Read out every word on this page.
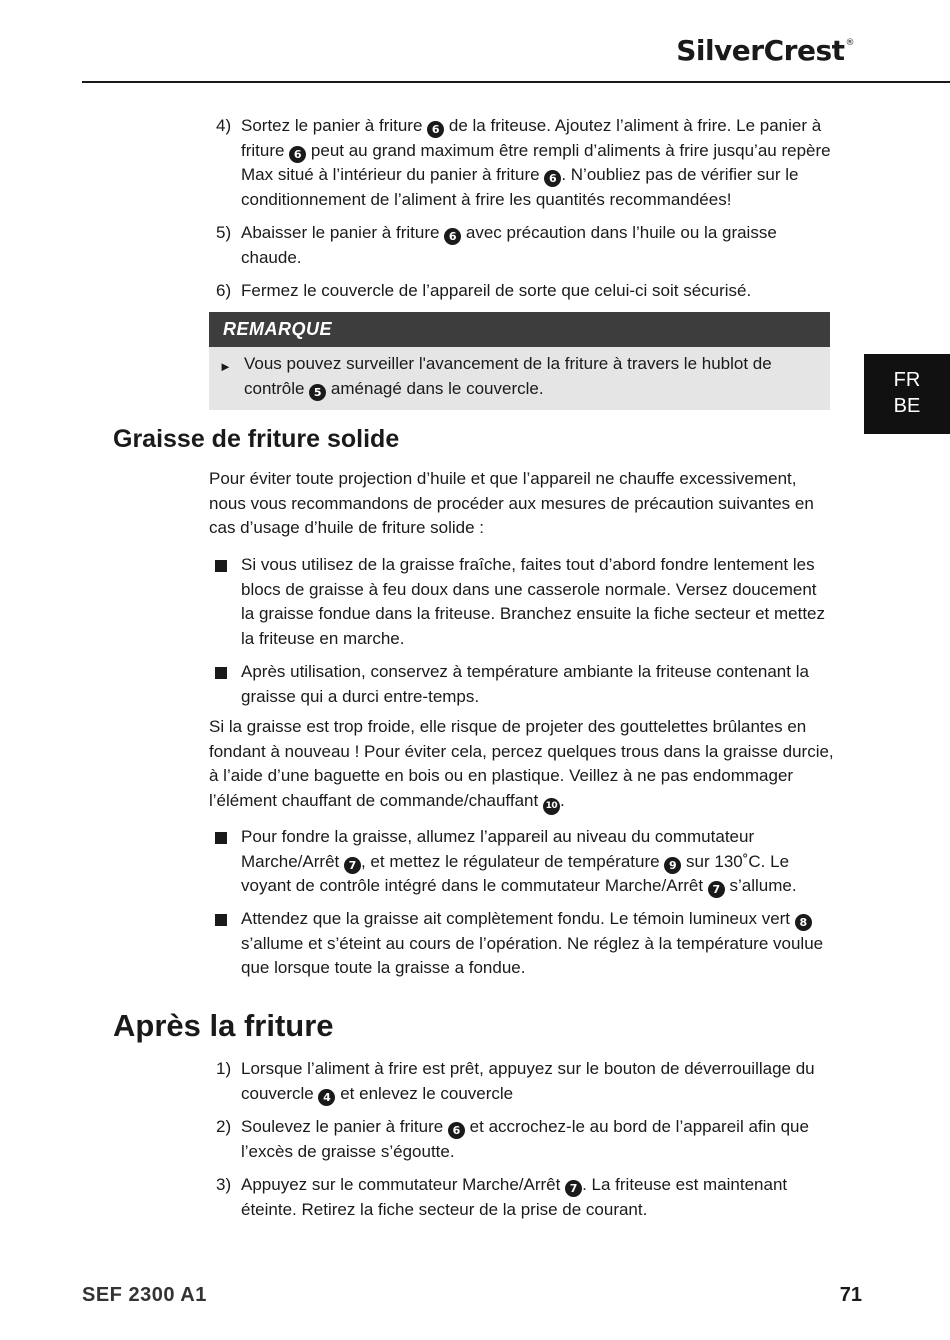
SilverCrest®
FR
BE
4) Sortez le panier à friture 6 de la friteuse. Ajoutez l’aliment à frire. Le panier à friture 6 peut au grand maximum être rempli d’aliments à frire jusqu’au repère Max situé à l’intérieur du panier à friture 6 . N’oubliez pas de vérifier sur le conditionnement de l’aliment à frire les quantités recommandées!
5) Abaisser le panier à friture 6 avec précaution dans l’huile ou la graisse chaude.
6) Fermez le couvercle de l’appareil de sorte que celui-ci soit sécurisé.
REMARQUE
► Vous pouvez surveiller l'avancement de la friture à travers le hublot de contrôle 5 aménagé dans le couvercle.
Graisse de friture solide
Pour éviter toute projection d’huile et que l’appareil ne chauffe excessivement, nous vous recommandons de procéder aux mesures de précaution suivantes en cas d’usage d’huile de friture solide :
Si vous utilisez de la graisse fraîche, faites tout d’abord fondre lentement les blocs de graisse à feu doux dans une casserole normale. Versez doucement la graisse fondue dans la friteuse. Branchez ensuite la fiche secteur et mettez la friteuse en marche.
Après utilisation, conservez à température ambiante la friteuse contenant la graisse qui a durci entre-temps.
Si la graisse est trop froide, elle risque de projeter des gouttelettes brûlantes en fondant à nouveau ! Pour éviter cela, percez quelques trous dans la graisse durcie, à l’aide d’une baguette en bois ou en plastique. Veillez à ne pas endommager l’élément chauffant de commande/chauffant 10 .
Pour fondre la graisse, allumez l’appareil au niveau du commutateur Marche/Arrêt 7 , et mettez le régulateur de température 9 sur 130˚C. Le voyant de contrôle intégré dans le commutateur Marche/Arrêt 7 s’allume.
Attendez que la graisse ait complètement fondu. Le témoin lumineux vert 8 s’allume et s’éteint au cours de l’opération. Ne réglez à la température voulue que lorsque toute la graisse a fondue.
Après la friture
1) Lorsque l’aliment à frire est prêt, appuyez sur le bouton de déverrouillage du couvercle 4 et enlevez le couvercle
2) Soulevez le panier à friture 6 et accrochez-le au bord de l’appareil afin que l’excès de graisse s’égoutte.
3) Appuyez sur le commutateur Marche/Arrêt 7 . La friteuse est maintenant éteinte. Retirez la fiche secteur de la prise de courant.
SEF 2300 A1	71
